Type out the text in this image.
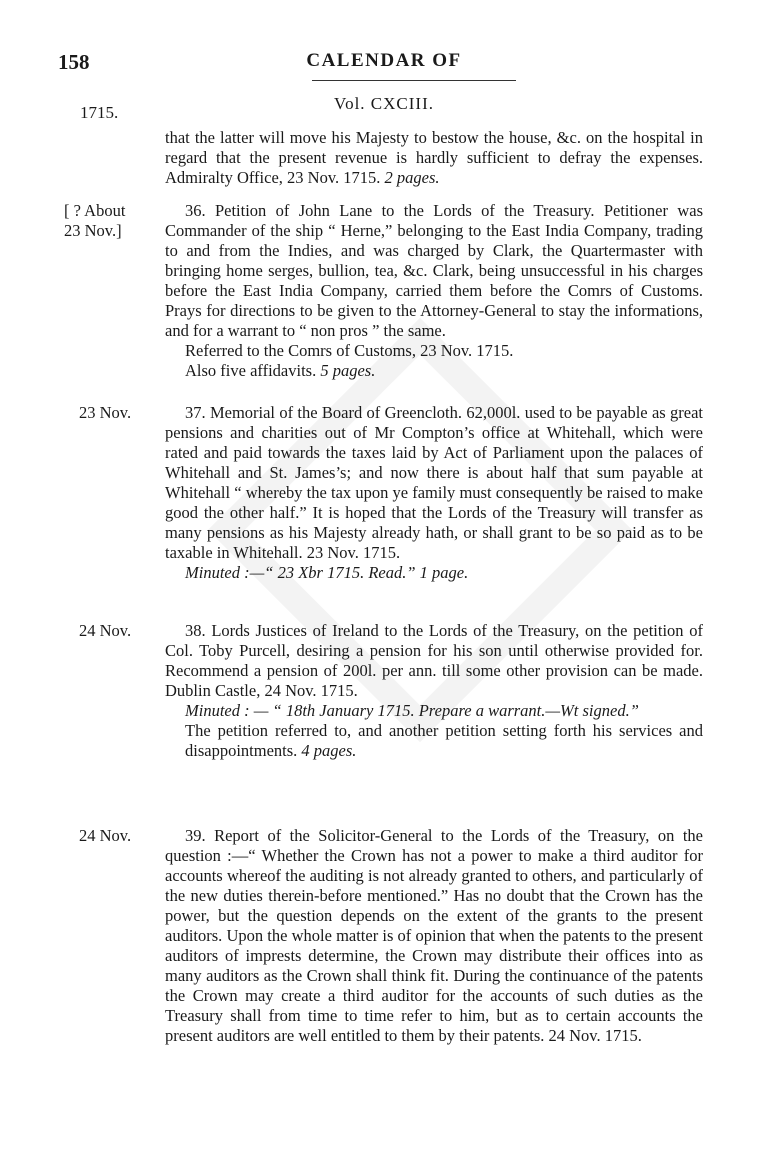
158	CALENDAR OF
1715.	Vol. CXCIII.

that the latter will move his Majesty to bestow the house, &c. on the hospital in regard that the present revenue is hardly sufficient to defray the expenses. Admiralty Office, 23 Nov. 1715. 2 pages.

[ ? About
23 Nov.]

36. Petition of John Lane to the Lords of the Treasury. Petitioner was Commander of the ship “ Herne,” belonging to the East India Company, trading to and from the Indies, and was charged by Clark, the Quartermaster with bringing home serges, bullion, tea, &c. Clark, being unsuccessful in his charges before the East India Company, carried them before the Comrs of Customs. Prays for directions to be given to the Attorney-General to stay the informations, and for a warrant to “ non pros ” the same.

Referred to the Comrs of Customs, 23 Nov. 1715.

Also five affidavits. 5 pages.

23 Nov.	37. Memorial of the Board of Greencloth. 62,000l. used to be payable as great pensions and charities out of Mr Compton’s office at Whitehall, which were rated and paid towards the taxes laid by Act of Parliament upon the palaces of Whitehall and St. James’s; and now there is about half that sum payable at Whitehall “ whereby the tax upon ye family must consequently be raised to make good the other half.” It is hoped that the Lords of the Treasury will transfer as many pensions as his Majesty already hath, or shall grant to be so paid as to be taxable in Whitehall. 23 Nov. 1715.

Minuted :—“ 23 Xbr 1715. Read.” 1 page.

24 Nov.	38. Lords Justices of Ireland to the Lords of the Treasury, on the petition of Col. Toby Purcell, desiring a pension for his son until otherwise provided for. Recommend a pension of 200l. per ann. till some other provision can be made. Dublin Castle, 24 Nov. 1715.

Minuted : — “ 18th January 1715. Prepare a warrant.—Wt signed.”

The petition referred to, and another petition setting forth his services and disappointments. 4 pages.

24 Nov.	39. Report of the Solicitor-General to the Lords of the Treasury, on the question :—“ Whether the Crown has not a power to make a third auditor for accounts whereof the auditing is not already granted to others, and particularly of the new duties therein-before mentioned.” Has no doubt that the Crown has the power, but the question depends on the extent of the grants to the present auditors. Upon the whole matter is of opinion that when the patents to the present auditors of imprests determine, the Crown may distribute their offices into as many auditors as the Crown shall think fit. During the continuance of the patents the Crown may create a third auditor for the accounts of such duties as the Treasury shall from time to time refer to him, but as to certain accounts the present auditors are well entitled to them by their patents. 24 Nov. 1715.
